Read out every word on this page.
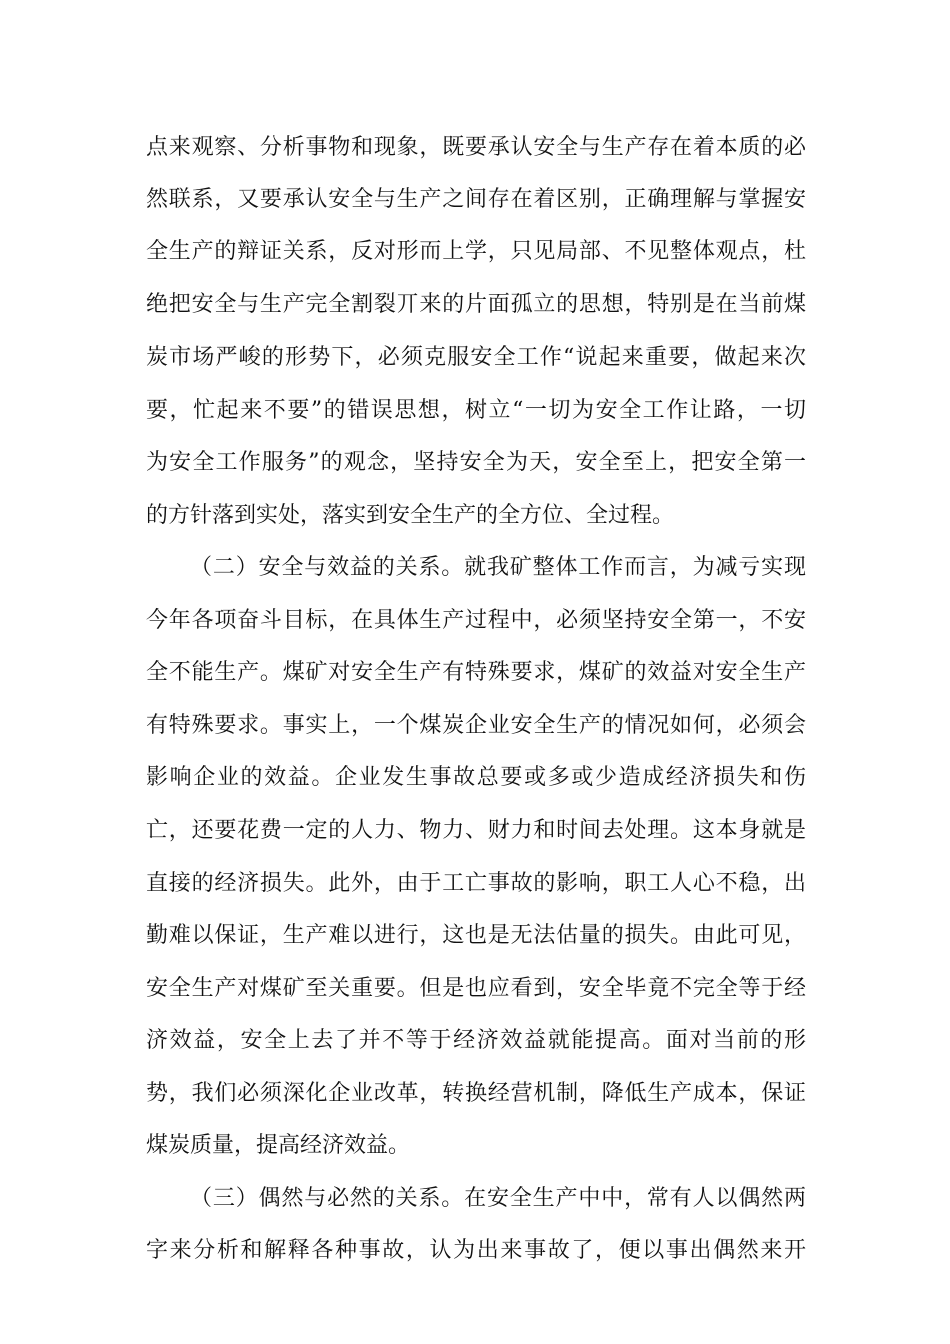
点来观察、分析事物和现象，既要承认安全与生产存在着本质的必
然联系，又要承认安全与生产之间存在着区别，正确理解与掌握安
全生产的辩证关系，反对形而上学，只见局部、不见整体观点，杜
绝把安全与生产完全割裂丌来的片面孤立的思想，特别是在当前煤
炭市场严峻的形势下，必须克服安全工作“说起来重要，做起来次
要，忙起来不要”的错误思想，树立“一切为安全工作让路，一切
为安全工作服务”的观念，坚持安全为天，安全至上，把安全第一
的方针落到实处，落实到安全生产的全方位、全过程。
（二）安全与效益的关系。就我矿整体工作而言，为减亏实现
今年各项奋斗目标，在具体生产过程中，必须坚持安全第一，不安
全不能生产。煤矿对安全生产有特殊要求，煤矿的效益对安全生产
有特殊要求。事实上，一个煤炭企业安全生产的情况如何，必须会
影响企业的效益。企业发生事故总要或多或少造成经济损失和伤
亡，还要花费一定的人力、物力、财力和时间去处理。这本身就是
直接的经济损失。此外，由于工亡事故的影响，职工人心不稳，出
勤难以保证，生产难以进行，这也是无法估量的损失。由此可见，
安全生产对煤矿至关重要。但是也应看到，安全毕竟不完全等于经
济效益，安全上去了并不等于经济效益就能提高。面对当前的形
势，我们必须深化企业改革，转换经营机制，降低生产成本，保证
煤炭质量，提高经济效益。
（三）偶然与必然的关系。在安全生产中中，常有人以偶然两
字来分析和解释各种事故，认为出来事故了，便以事出偶然来开
